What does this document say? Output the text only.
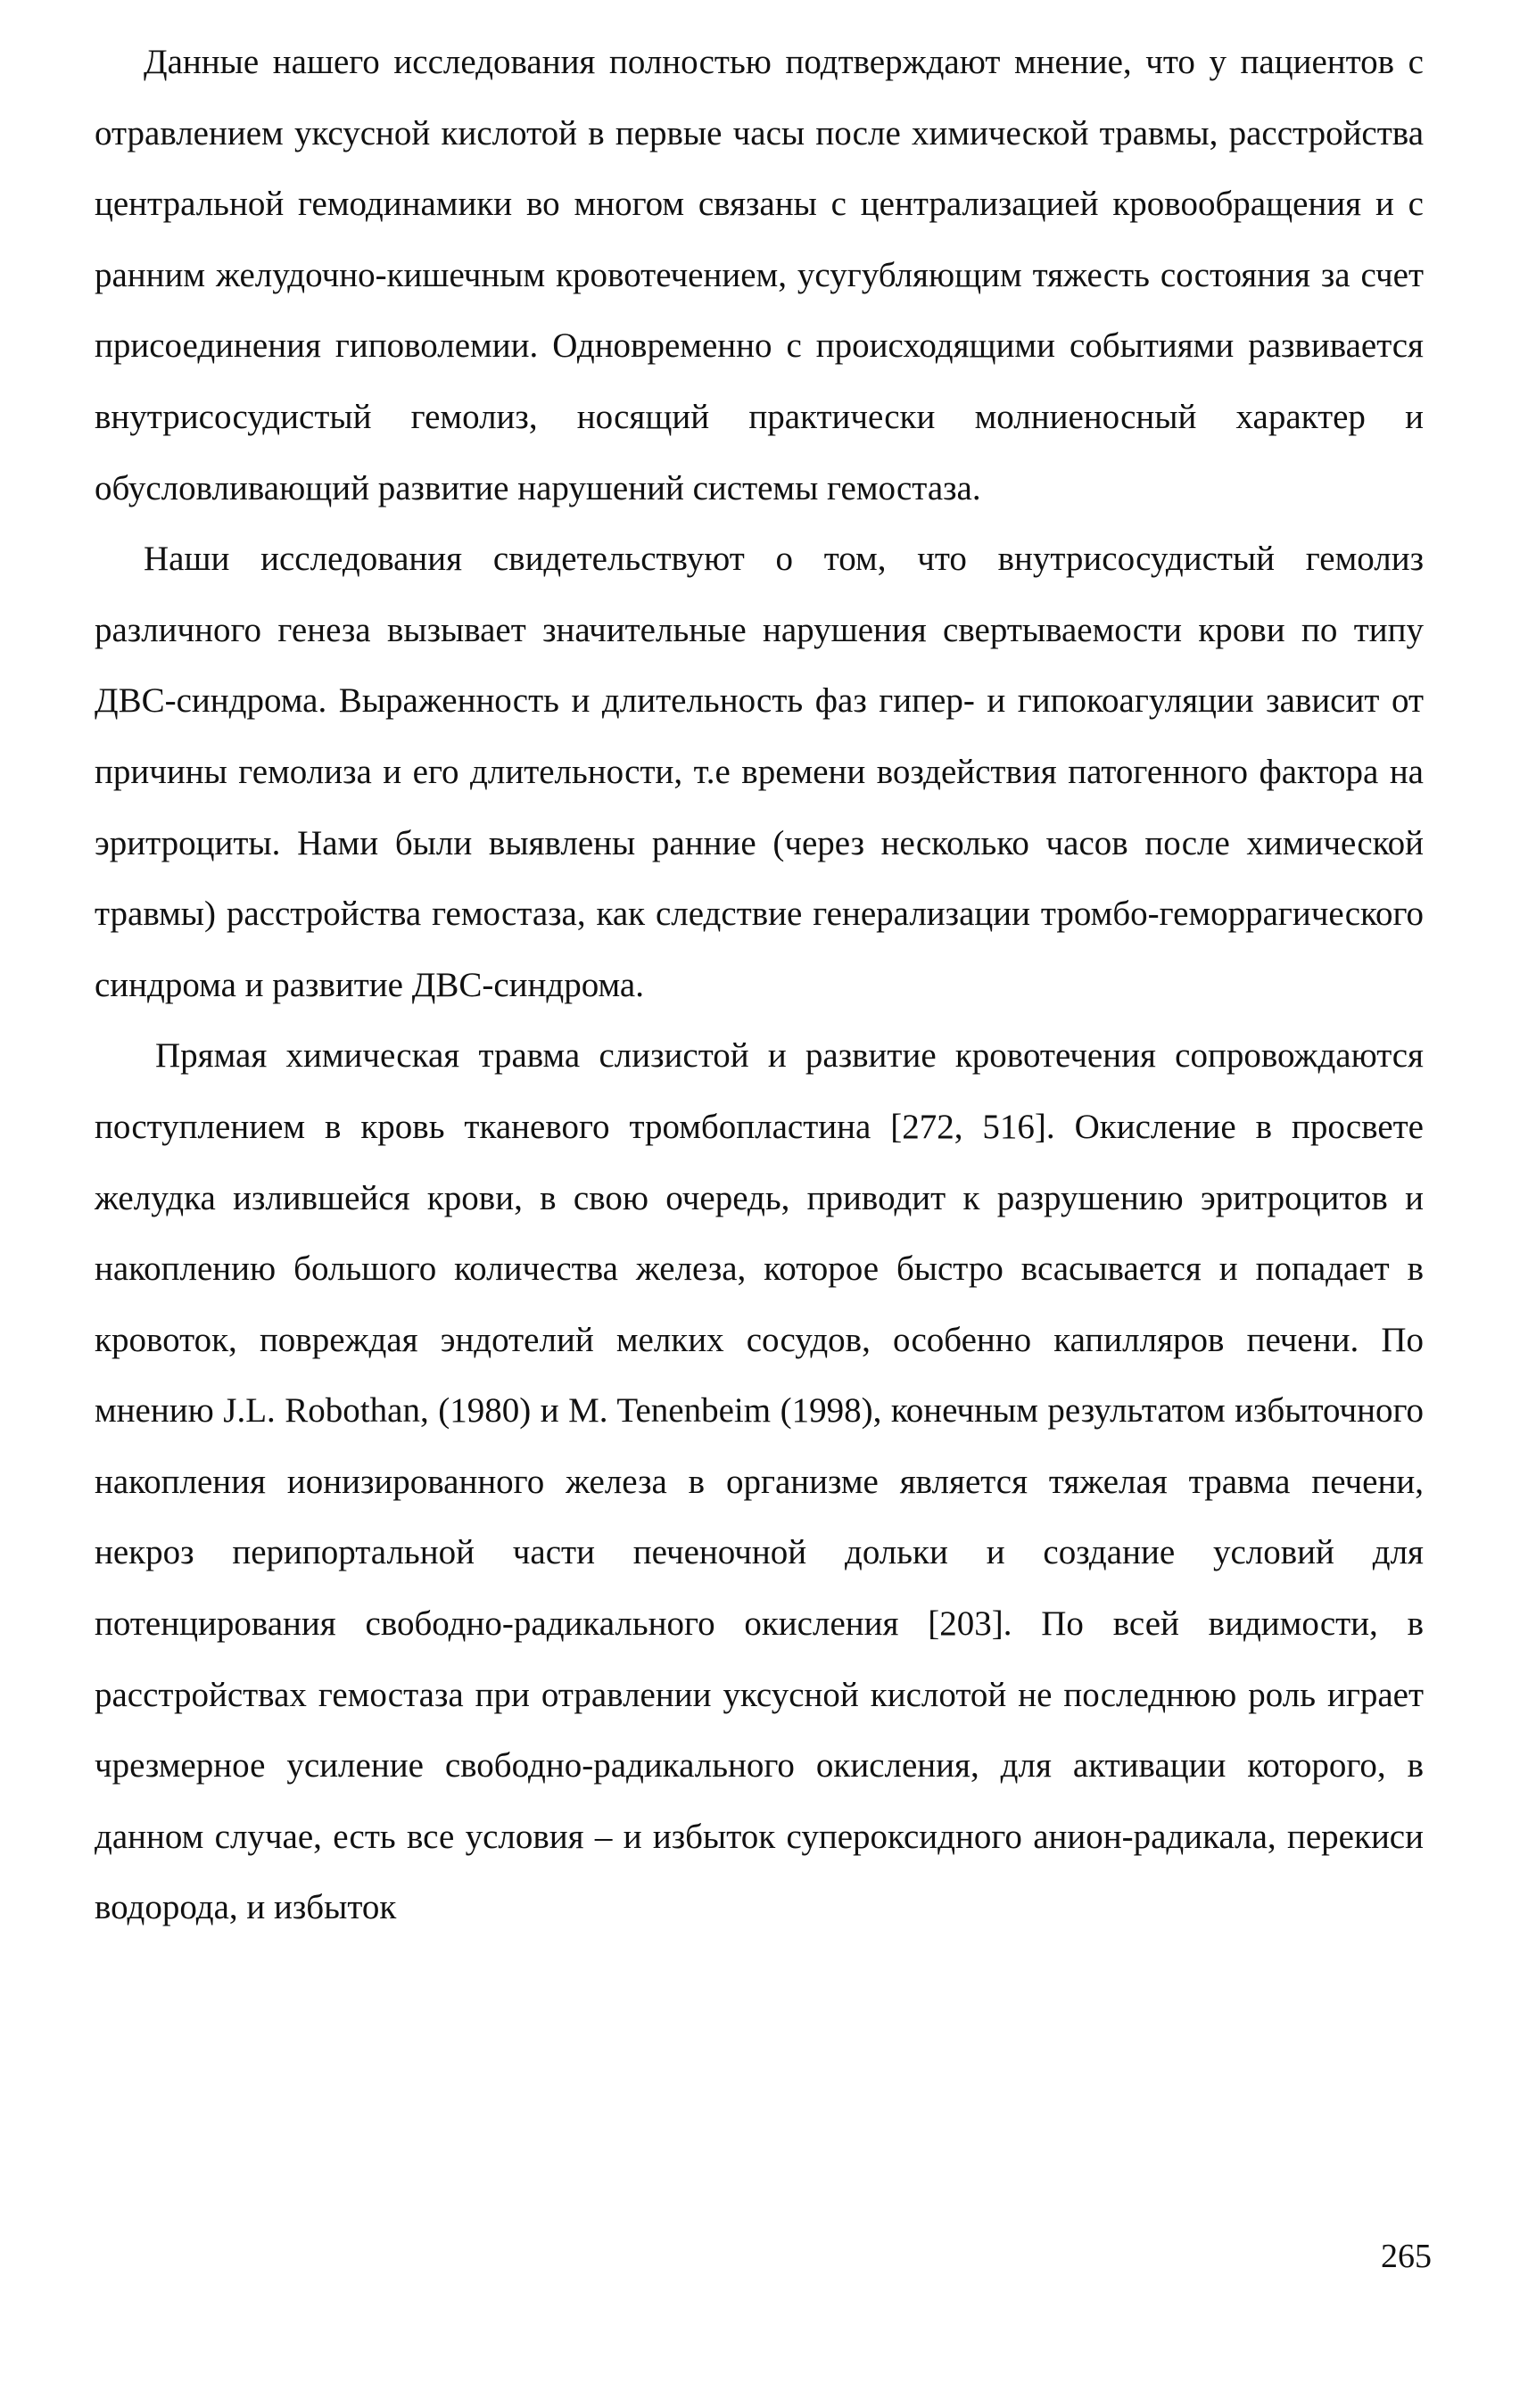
Данные нашего исследования полностью подтверждают мнение, что у пациентов с отравлением уксусной кислотой в первые часы после химической травмы, расстройства центральной гемодинамики во многом связаны с централизацией кровообращения и с ранним желудочно-кишечным кровотечением, усугубляющим тяжесть состояния за счет присоединения гиповолемии. Одновременно с происходящими событиями развивается внутрисосудистый гемолиз, носящий практически молниеносный характер и обусловливающий развитие нарушений системы гемостаза.

Наши исследования свидетельствуют о том, что внутрисосудистый гемолиз различного генеза вызывает значительные нарушения свертываемости крови по типу ДВС-синдрома. Выраженность и длительность фаз гипер- и гипокоагуляции зависит от причины гемолиза и его длительности, т.е времени воздействия патогенного фактора на эритроциты. Нами были выявлены ранние (через несколько часов после химической травмы) расстройства гемостаза, как следствие генерализации тромбо-геморрагического синдрома и развитие ДВС-синдрома.

Прямая химическая травма слизистой и развитие кровотечения сопровождаются поступлением в кровь тканевого тромбопластина [272, 516]. Окисление в просвете желудка излившейся крови, в свою очередь, приводит к разрушению эритроцитов и накоплению большого количества железа, которое быстро всасывается и попадает в кровоток, повреждая эндотелий мелких сосудов, особенно капилляров печени. По мнению J.L. Robothan, (1980) и M. Tenenbeim (1998), конечным результатом избыточного накопления ионизированного железа в организме является тяжелая травма печени, некроз перипортальной части печеночной дольки и создание условий для потенцирования свободно-радикального окисления [203]. По всей видимости, в расстройствах гемостаза при отравлении уксусной кислотой не последнюю роль играет чрезмерное усиление свободно-радикального окисления, для активации которого, в данном случае, есть все условия – и избыток супероксидного анион-радикала, перекиси водорода, и избыток

265
